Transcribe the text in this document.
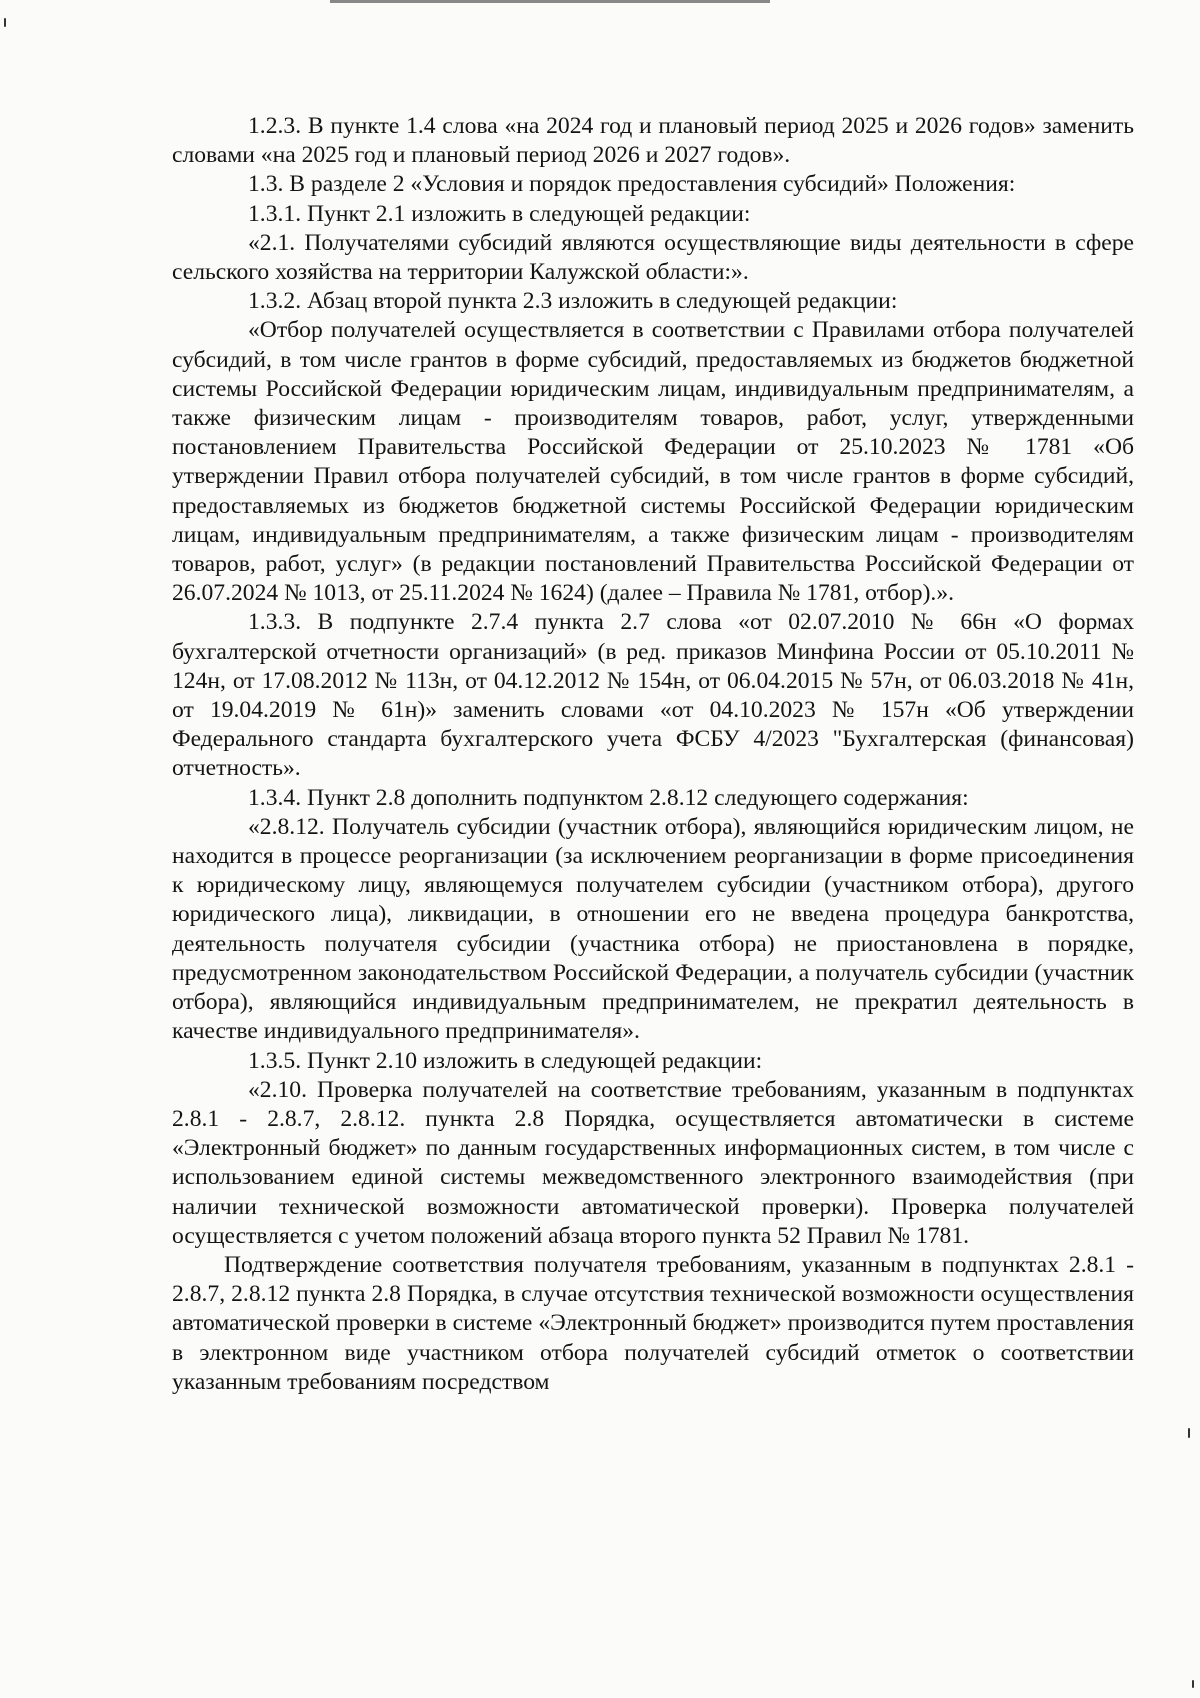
1.2.3. В пункте 1.4 слова «на 2024 год и плановый период 2025 и 2026 годов» заменить словами «на 2025 год и плановый период 2026 и 2027 годов».

1.3. В разделе 2 «Условия и порядок предоставления субсидий» Положения:

1.3.1. Пункт 2.1 изложить в следующей редакции:

«2.1. Получателями субсидий являются осуществляющие виды деятельности в сфере сельского хозяйства на территории Калужской области:».

1.3.2. Абзац второй пункта 2.3 изложить в следующей редакции:

«Отбор получателей осуществляется в соответствии с Правилами отбора получателей субсидий, в том числе грантов в форме субсидий, предоставляемых из бюджетов бюджетной системы Российской Федерации юридическим лицам, индивидуальным предпринимателям, а также физическим лицам - производителям товаров, работ, услуг, утвержденными постановлением Правительства Российской Федерации от 25.10.2023 № 1781 «Об утверждении Правил отбора получателей субсидий, в том числе грантов в форме субсидий, предоставляемых из бюджетов бюджетной системы Российской Федерации юридическим лицам, индивидуальным предпринимателям, а также физическим лицам - производителям товаров, работ, услуг» (в редакции постановлений Правительства Российской Федерации от 26.07.2024 № 1013, от 25.11.2024 № 1624) (далее – Правила № 1781, отбор).».

1.3.3. В подпункте 2.7.4 пункта 2.7 слова «от 02.07.2010 № 66н «О формах бухгалтерской отчетности организаций» (в ред. приказов Минфина России от 05.10.2011 № 124н, от 17.08.2012 № 113н, от 04.12.2012 № 154н, от 06.04.2015 № 57н, от 06.03.2018 № 41н, от 19.04.2019 № 61н)» заменить словами «от 04.10.2023 № 157н «Об утверждении Федерального стандарта бухгалтерского учета ФСБУ 4/2023 "Бухгалтерская (финансовая) отчетность».

1.3.4. Пункт 2.8 дополнить подпунктом 2.8.12 следующего содержания:

«2.8.12. Получатель субсидии (участник отбора), являющийся юридическим лицом, не находится в процессе реорганизации (за исключением реорганизации в форме присоединения к юридическому лицу, являющемуся получателем субсидии (участником отбора), другого юридического лица), ликвидации, в отношении его не введена процедура банкротства, деятельность получателя субсидии (участника отбора) не приостановлена в порядке, предусмотренном законодательством Российской Федерации, а получатель субсидии (участник отбора), являющийся индивидуальным предпринимателем, не прекратил деятельность в качестве индивидуального предпринимателя».

1.3.5. Пункт 2.10 изложить в следующей редакции:

«2.10. Проверка получателей на соответствие требованиям, указанным в подпунктах 2.8.1 - 2.8.7, 2.8.12. пункта 2.8 Порядка, осуществляется автоматически в системе «Электронный бюджет» по данным государственных информационных систем, в том числе с использованием единой системы межведомственного электронного взаимодействия (при наличии технической возможности автоматической проверки). Проверка получателей осуществляется с учетом положений абзаца второго пункта 52 Правил № 1781.

Подтверждение соответствия получателя требованиям, указанным в подпунктах 2.8.1 - 2.8.7, 2.8.12 пункта 2.8 Порядка, в случае отсутствия технической возможности осуществления автоматической проверки в системе «Электронный бюджет» производится путем проставления в электронном виде участником отбора получателей субсидий отметок о соответствии указанным требованиям посредством
